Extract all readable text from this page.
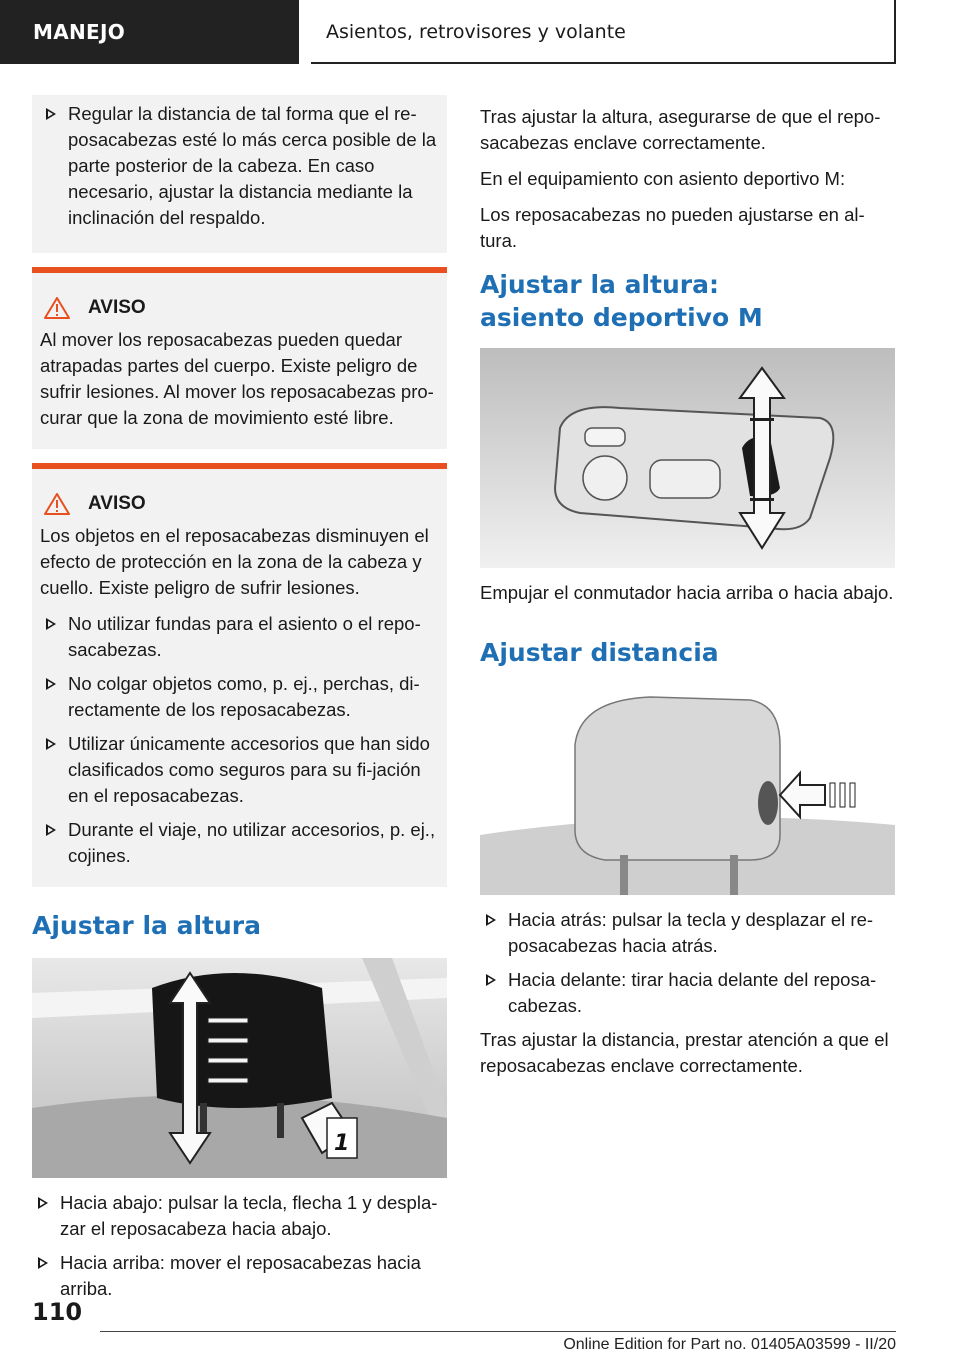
MANEJO	Asientos, retrovisores y volante
Regular la distancia de tal forma que el re‐posacabezas esté lo más cerca posible de la parte posterior de la cabeza. En caso necesario, ajustar la distancia mediante la inclinación del respaldo.
AVISO
Al mover los reposacabezas pueden quedar atrapadas partes del cuerpo. Existe peligro de sufrir lesiones. Al mover los reposacabezas pro‐curar que la zona de movimiento esté libre.
AVISO
Los objetos en el reposacabezas disminuyen el efecto de protección en la zona de la cabeza y cuello. Existe peligro de sufrir lesiones.
No utilizar fundas para el asiento o el repo‐sacabezas.
No colgar objetos como, p. ej., perchas, di‐rectamente de los reposacabezas.
Utilizar únicamente accesorios que han sido clasificados como seguros para su fi‐jación en el reposacabezas.
Durante el viaje, no utilizar accesorios, p. ej., cojines.
Ajustar la altura
1
Hacia abajo: pulsar la tecla, flecha 1 y despla‐zar el reposacabeza hacia abajo.
Hacia arriba: mover el reposacabezas hacia arriba.
Tras ajustar la altura, asegurarse de que el repo‐sacabezas enclave correctamente.
En el equipamiento con asiento deportivo M:
Los reposacabezas no pueden ajustarse en al‐tura.
Ajustar la altura: asiento deportivo M
Empujar el conmutador hacia arriba o hacia abajo.
Ajustar distancia
Hacia atrás: pulsar la tecla y desplazar el re‐posacabezas hacia atrás.
Hacia delante: tirar hacia delante del reposa‐cabezas.
Tras ajustar la distancia, prestar atención a que el reposacabezas enclave correctamente.
110
Online Edition for Part no. 01405A03599 - II/20
